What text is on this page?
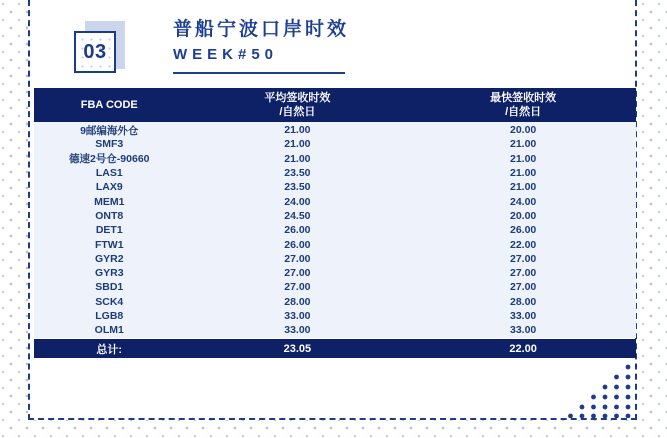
03
普船宁波口岸时效
WEEK#50
FBA CODE
平均签收时效
/自然日
最快签收时效
/自然日
9邮编海外仓	21.00	20.00
SMF3	21.00	21.00
德速2号仓-90660	21.00	21.00
LAS1	23.50	21.00
LAX9	23.50	21.00
MEM1	24.00	24.00
ONT8	24.50	20.00
DET1	26.00	26.00
FTW1	26.00	22.00
GYR2	27.00	27.00
GYR3	27.00	27.00
SBD1	27.00	27.00
SCK4	28.00	28.00
LGB8	33.00	33.00
OLM1	33.00	33.00
总计:	23.05	22.00
